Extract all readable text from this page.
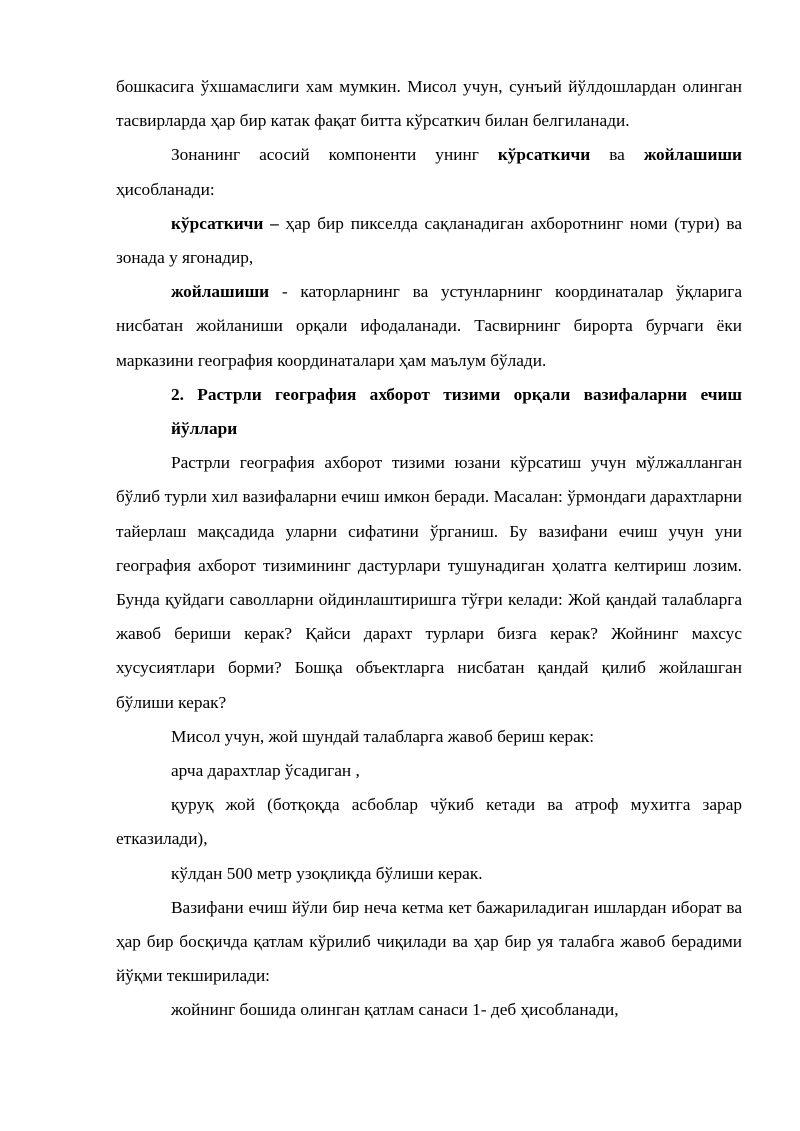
бошкасига ўхшамаслиги хам мумкин. Мисол учун, сунъий йўлдошлардан олинган тасвирларда ҳар бир катак фақат битта кўрсаткич билан белгиланади.

Зонанинг асосий компоненти унинг кўрсаткичи ва жойлашиши ҳисобланади:

кўрсаткичи – ҳар бир пикселда сақланадиган ахборотнинг номи (тури) ва зонада у ягонадир,

жойлашиши - каторларнинг ва устунларнинг координаталар ўқларига нисбатан жойланиши орқали ифодаланади. Тасвирнинг бирорта бурчаги ёки марказини география координаталари ҳам маълум бўлади.

2. Растрли география ахборот тизими орқали вазифаларни ечиш йўллари

Растрли география ахборот тизими юзани кўрсатиш учун мўлжалланган бўлиб турли хил вазифаларни ечиш имкон беради. Масалан: ўрмондаги дарахтларни тайерлаш мақсадида уларни сифатини ўрганиш. Бу вазифани ечиш учун уни география ахборот тизимининг дастурлари тушунадиган ҳолатга келтириш лозим. Бунда қуйдаги саволларни ойдинлаштиришга тўғри келади: Жой қандай талабларга жавоб бериши керак? Қайси дарахт турлари бизга керак? Жойнинг махсус хусусиятлари борми? Бошқа объектларга нисбатан қандай қилиб жойлашган бўлиши керак?

Мисол учун, жой шундай талабларга жавоб бериш керак:

арча дарахтлар ўсадиган ,

қуруқ жой (ботқоқда асбоблар чўкиб кетади ва атроф мухитга зарар етказилади),

кўлдан 500 метр узоқлиқда бўлиши керак.

Вазифани ечиш йўли бир неча кетма кет бажариладиган ишлардан иборат ва ҳар бир босқичда қатлам кўрилиб чиқилади ва ҳар бир уя талабга жавоб берадими йўқми текширилади:

жойнинг бошида олинган қатлам санаси 1- деб ҳисобланади,
